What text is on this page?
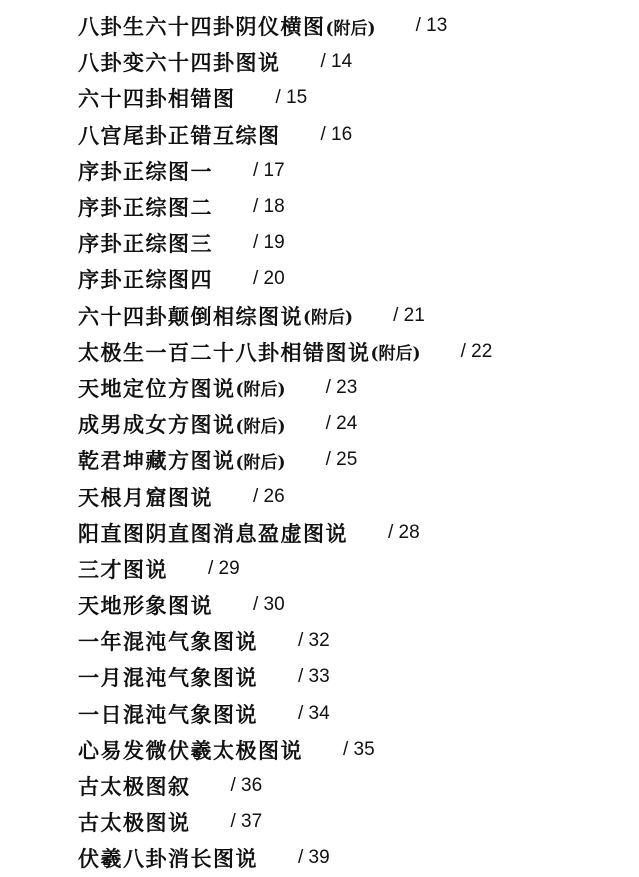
八卦生六十四卦阴仪横图 (附后) / 13
八卦变六十四卦图说 / 14
六十四卦相错图 / 15
八宫尾卦正错互综图 / 16
序卦正综图一 / 17
序卦正综图二 / 18
序卦正综图三 / 19
序卦正综图四 / 20
六十四卦颠倒相综图说 (附后) / 21
太极生一百二十八卦相错图说 (附后) / 22
天地定位方图说 (附后) / 23
成男成女方图说 (附后) / 24
乾君坤藏方图说 (附后) / 25
天根月窟图说 / 26
阳直图阴直图消息盈虚图说 / 28
三才图说 / 29
天地形象图说 / 30
一年混沌气象图说 / 32
一月混沌气象图说 / 33
一日混沌气象图说 / 34
心易发微伏羲太极图说 / 35
古太极图叙 / 36
古太极图说 / 37
伏羲八卦消长图说 / 39
